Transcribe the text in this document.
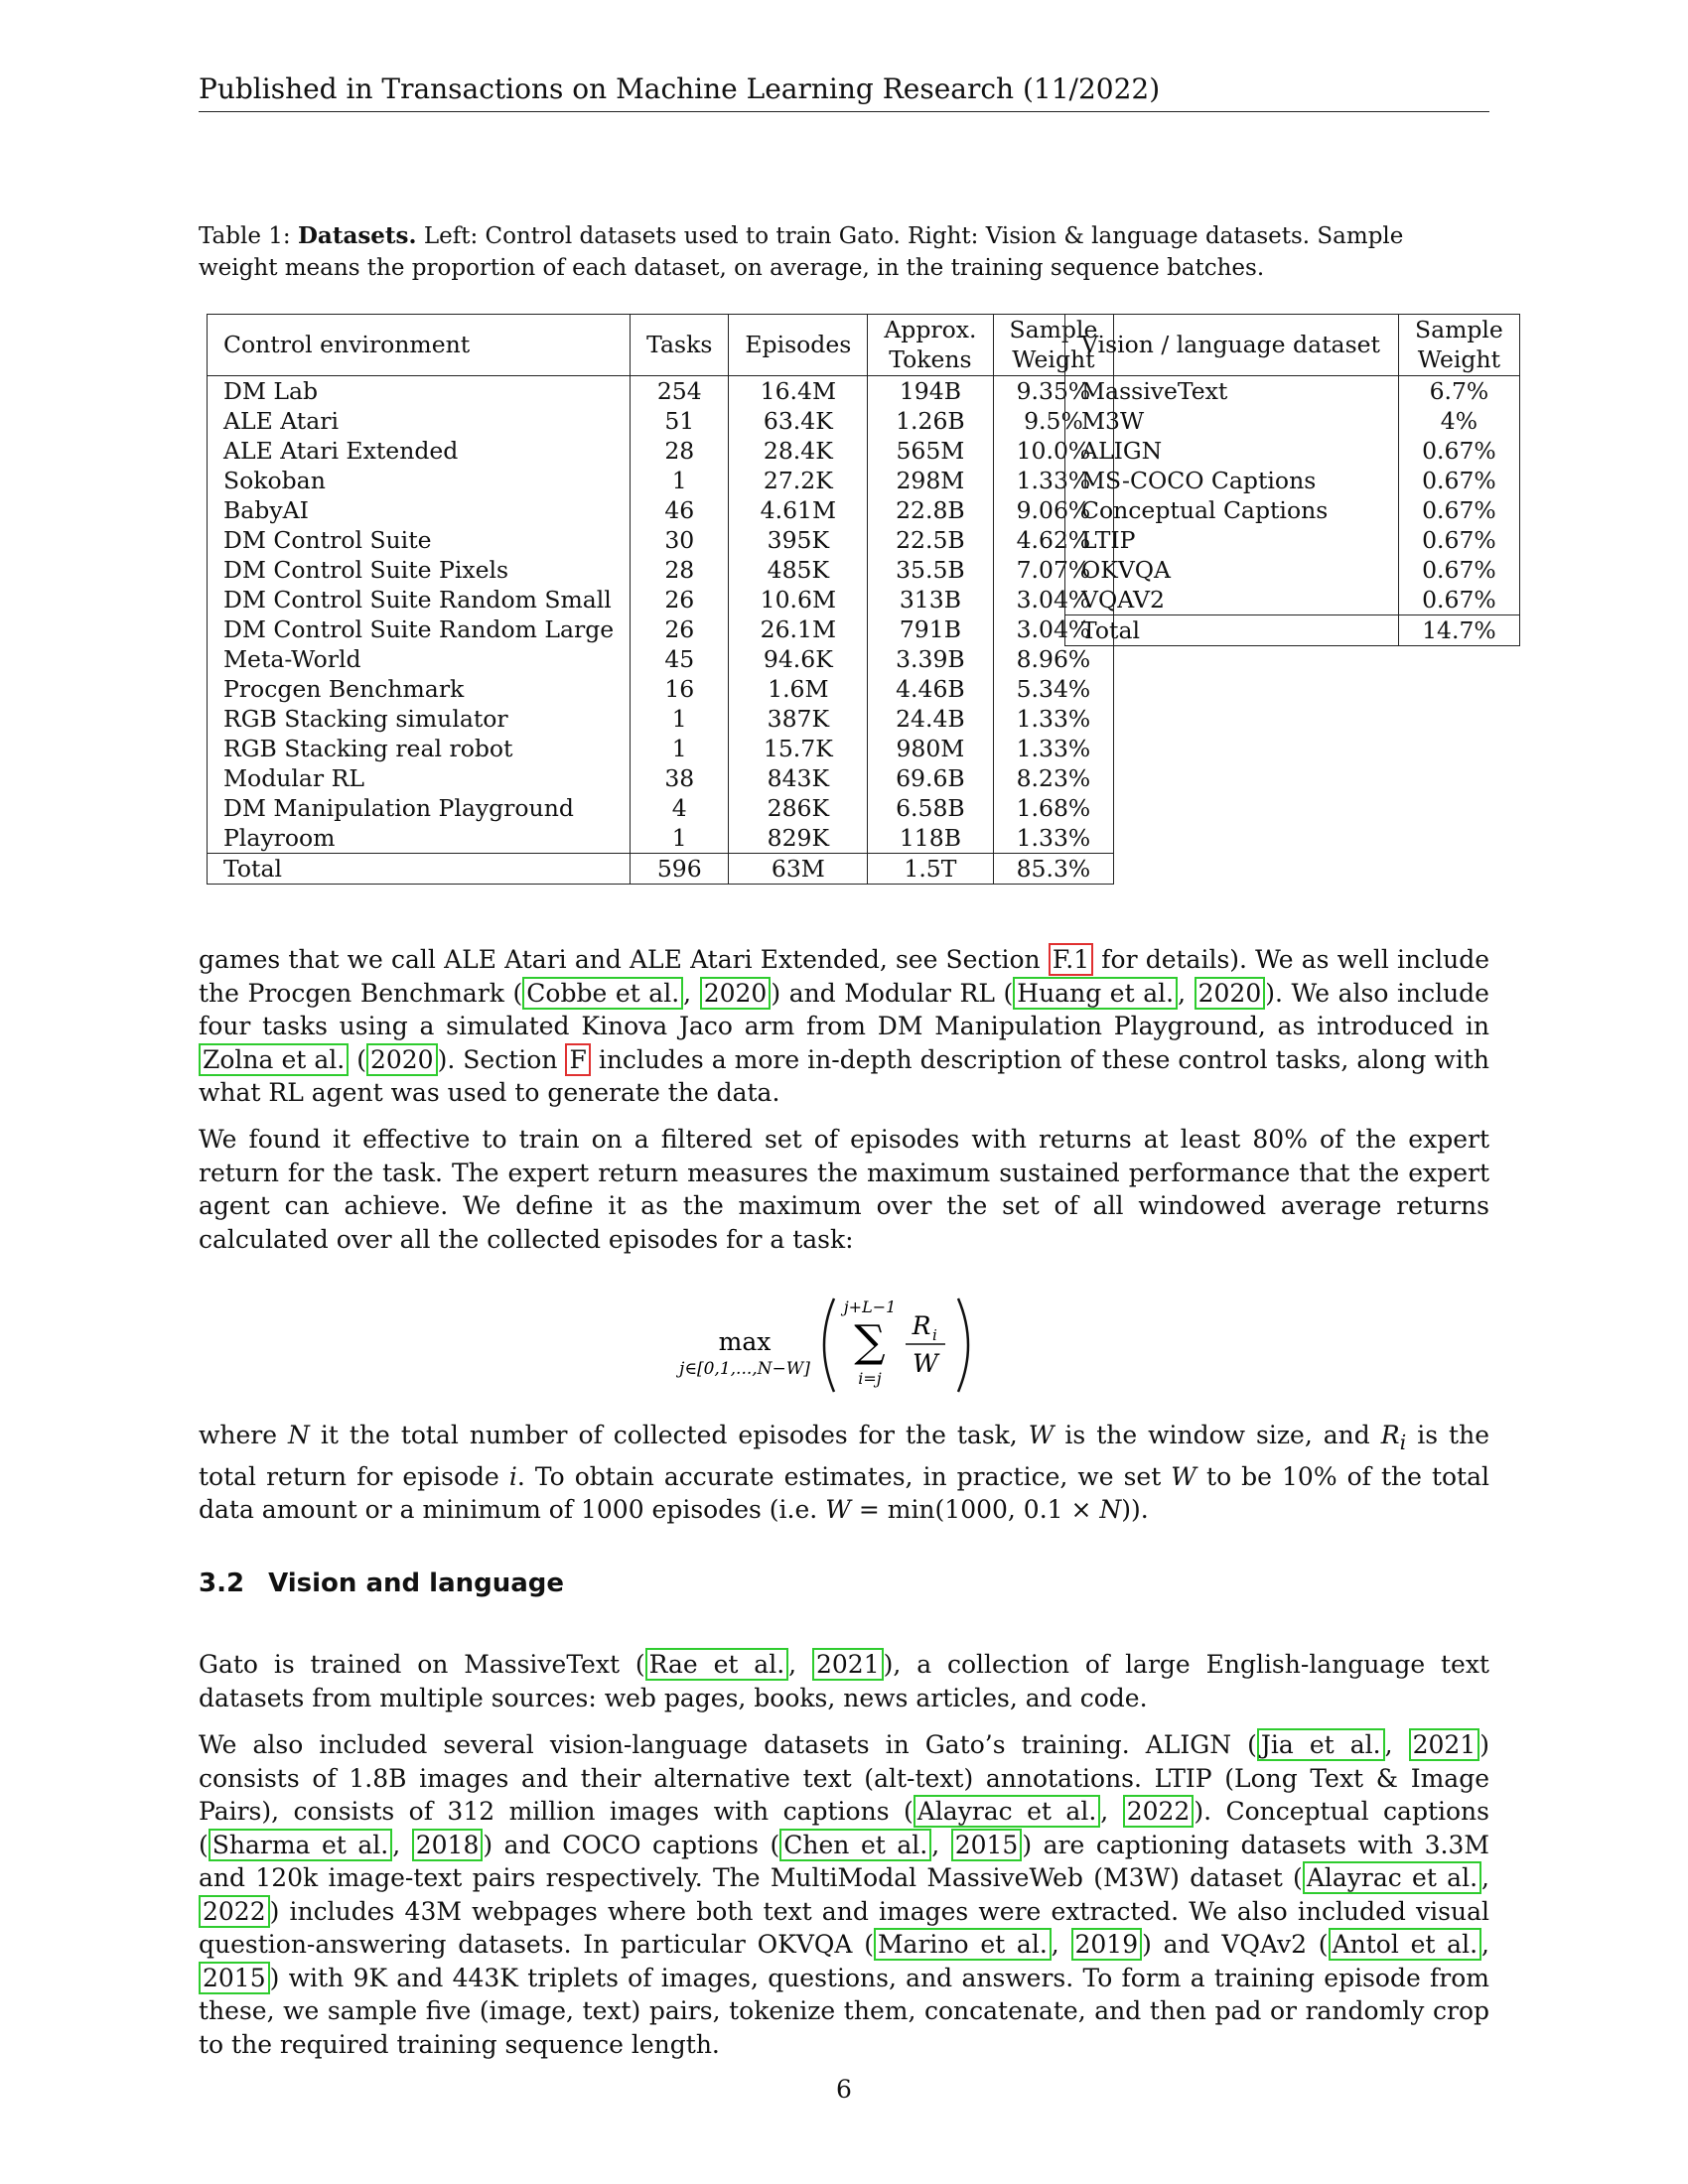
Published in Transactions on Machine Learning Research (11/2022)
Table 1: Datasets. Left: Control datasets used to train Gato. Right: Vision & language datasets. Sample weight means the proportion of each dataset, on average, in the training sequence batches.
Control environment	Tasks	Episodes	Approx.
Tokens	Sample
Weight
DM Lab	254	16.4M	194B	9.35%
ALE Atari	51	63.4K	1.26B	9.5%
ALE Atari Extended	28	28.4K	565M	10.0%
Sokoban	1	27.2K	298M	1.33%
BabyAI	46	4.61M	22.8B	9.06%
DM Control Suite	30	395K	22.5B	4.62%
DM Control Suite Pixels	28	485K	35.5B	7.07%
DM Control Suite Random Small	26	10.6M	313B	3.04%
DM Control Suite Random Large	26	26.1M	791B	3.04%
Meta-World	45	94.6K	3.39B	8.96%
Procgen Benchmark	16	1.6M	4.46B	5.34%
RGB Stacking simulator	1	387K	24.4B	1.33%
RGB Stacking real robot	1	15.7K	980M	1.33%
Modular RL	38	843K	69.6B	8.23%
DM Manipulation Playground	4	286K	6.58B	1.68%
Playroom	1	829K	118B	1.33%
Total	596	63M	1.5T	85.3%
Vision / language dataset	Sample
Weight
MassiveText	6.7%
M3W	4%
ALIGN	0.67%
MS-COCO Captions	0.67%
Conceptual Captions	0.67%
LTIP	0.67%
OKVQA	0.67%
VQAV2	0.67%
Total	14.7%
games that we call ALE Atari and ALE Atari Extended, see Section F.1 for details). We as well include the Procgen Benchmark ( Cobbe et al. , 2020 ) and Modular RL ( Huang et al. , 2020 ). We also include four tasks using a simulated Kinova Jaco arm from DM Manipulation Playground, as introduced in Zolna et al. ( 2020 ). Section F includes a more in-depth description of these control tasks, along with what RL agent was used to generate the data.
We found it effective to train on a filtered set of episodes with returns at least 80% of the expert return for the task. The expert return measures the maximum sustained performance that the expert agent can achieve. We define it as the maximum over the set of all windowed average returns calculated over all the collected episodes for a task:
max
j∈[0,1,...,N−W]
j+L−1
∑
i=j
R i
W
where N it the total number of collected episodes for the task, W is the window size, and $R_i$ is the total return for episode i. To obtain accurate estimates, in practice, we set W to be 10% of the total data amount or a minimum of 1000 episodes (i.e. W = min(1000, 0.1 × N)).
3.2 Vision and language
Gato is trained on MassiveText ( Rae et al. , 2021 ), a collection of large English-language text datasets from multiple sources: web pages, books, news articles, and code.
We also included several vision-language datasets in Gato’s training. ALIGN ( Jia et al. , 2021 ) consists of 1.8B images and their alternative text (alt-text) annotations. LTIP (Long Text & Image Pairs), consists of 312 million images with captions ( Alayrac et al. , 2022 ). Conceptual captions ( Sharma et al. , 2018 ) and COCO captions ( Chen et al. , 2015 ) are captioning datasets with 3.3M and 120k image-text pairs respectively. The MultiModal MassiveWeb (M3W) dataset ( Alayrac et al. , 2022 ) includes 43M webpages where both text and images were extracted. We also included visual question-answering datasets. In particular OKVQA ( Marino et al. , 2019 ) and VQAv2 ( Antol et al. , 2015 ) with 9K and 443K triplets of images, questions, and answers. To form a training episode from these, we sample five (image, text) pairs, tokenize them, concatenate, and then pad or randomly crop to the required training sequence length.
6
